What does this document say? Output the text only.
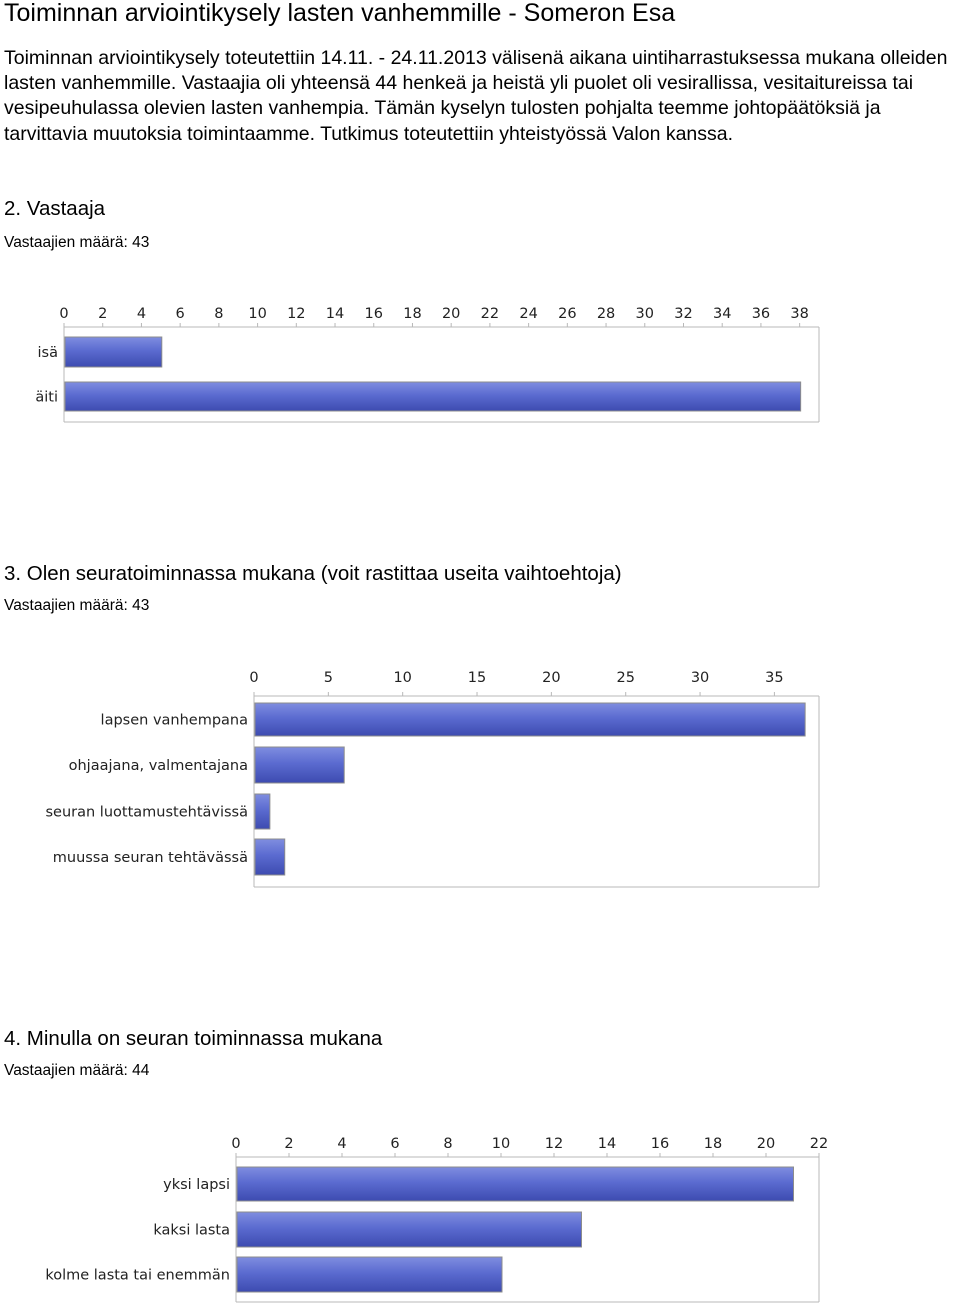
Toiminnan arviointikysely lasten vanhemmille - Someron Esa
Toiminnan arviointikysely toteutettiin 14.11. - 24.11.2013 välisenä aikana uintiharrastuksessa mukana olleiden lasten vanhemmille. Vastaajia oli yhteensä 44 henkeä ja heistä yli puolet oli vesirallissa, vesitaitureissa tai vesipeuhulassa olevien lasten vanhempia. Tämän kyselyn tulosten pohjalta teemme johtopäätöksiä ja tarvittavia muutoksia toimintaamme. Tutkimus toteutettiin yhteistyössä Valon kanssa.
2. Vastaaja
Vastaajien määrä: 43
0 2 4 6 8 10 12 14 16 18 20 22 24 26 28 30 32 34 36 38
isä
äiti
3. Olen seuratoiminnassa mukana (voit rastittaa useita vaihtoehtoja)
Vastaajien määrä: 43
0	5	10	15	20	25	30	35
lapsen vanhempana
ohjaajana, valmentajana
seuran luottamustehtävissä
muussa seuran tehtävässä
4. Minulla on seuran toiminnassa mukana
Vastaajien määrä: 44
0	2	4	6	8	10 12 14 16 18 20 22
yksi lapsi
kaksi lasta
kolme lasta tai enemmän
